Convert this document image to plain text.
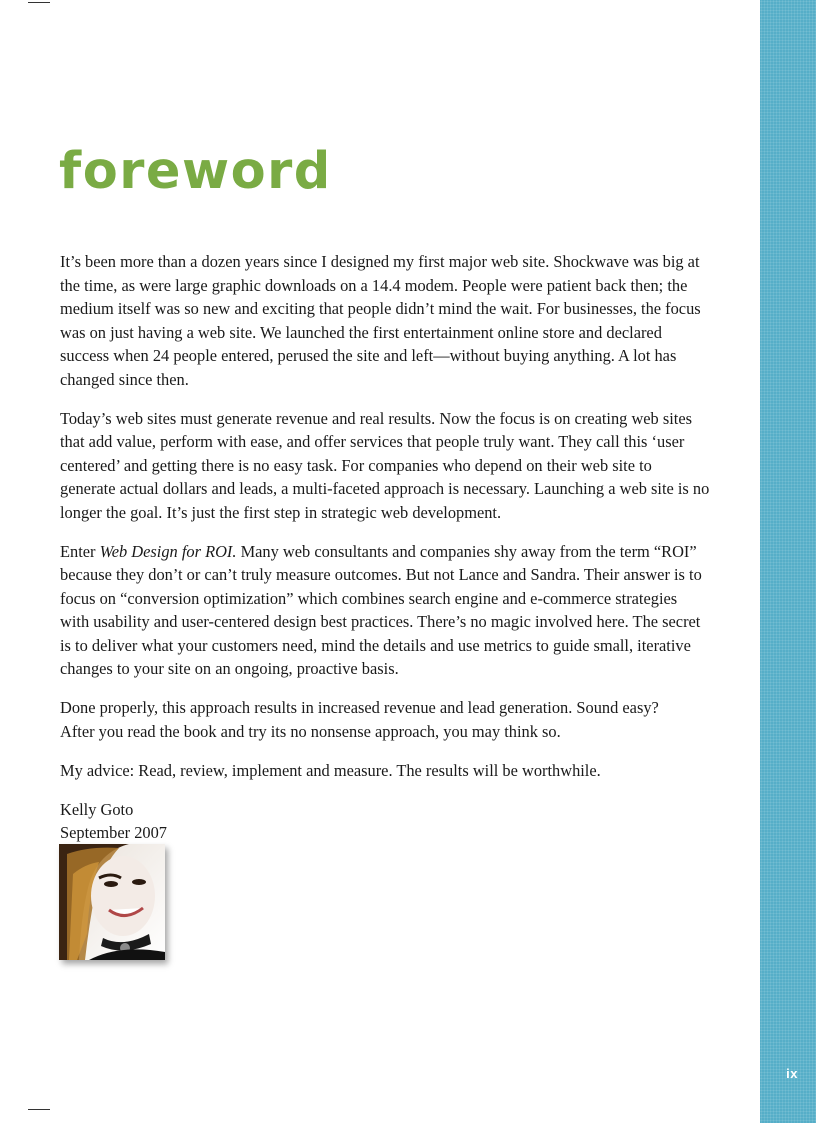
ix
foreword

It’s been more than a dozen years since I designed my first major web site. Shockwave was big at the time, as were large graphic downloads on a 14.4 modem. People were patient back then; the medium itself was so new and exciting that people didn’t mind the wait. For businesses, the focus was on just having a web site. We launched the first entertainment online store and declared success when 24 people entered, perused the site and left—without buying anything. A lot has changed since then.

Today’s web sites must generate revenue and real results. Now the focus is on creating web sites that add value, perform with ease, and offer services that people truly want. They call this ‘user centered’ and getting there is no easy task. For companies who depend on their web site to generate actual dollars and leads, a multi-faceted approach is necessary. Launching a web site is no longer the goal. It’s just the first step in strategic web development.

Enter Web Design for ROI. Many web consultants and companies shy away from the term “ROI” because they don’t or can’t truly measure outcomes. But not Lance and Sandra. Their answer is to focus on “conversion optimization” which combines search engine and e-commerce strategies with usability and user-centered design best practices. There’s no magic involved here. The secret is to deliver what your customers need, mind the details and use metrics to guide small, iterative changes to your site on an ongoing, proactive basis.

Done properly, this approach results in increased revenue and lead generation. Sound easy?
After you read the book and try its no nonsense approach, you may think so.

My advice: Read, review, implement and measure. The results will be worthwhile.

Kelly Goto
September 2007
